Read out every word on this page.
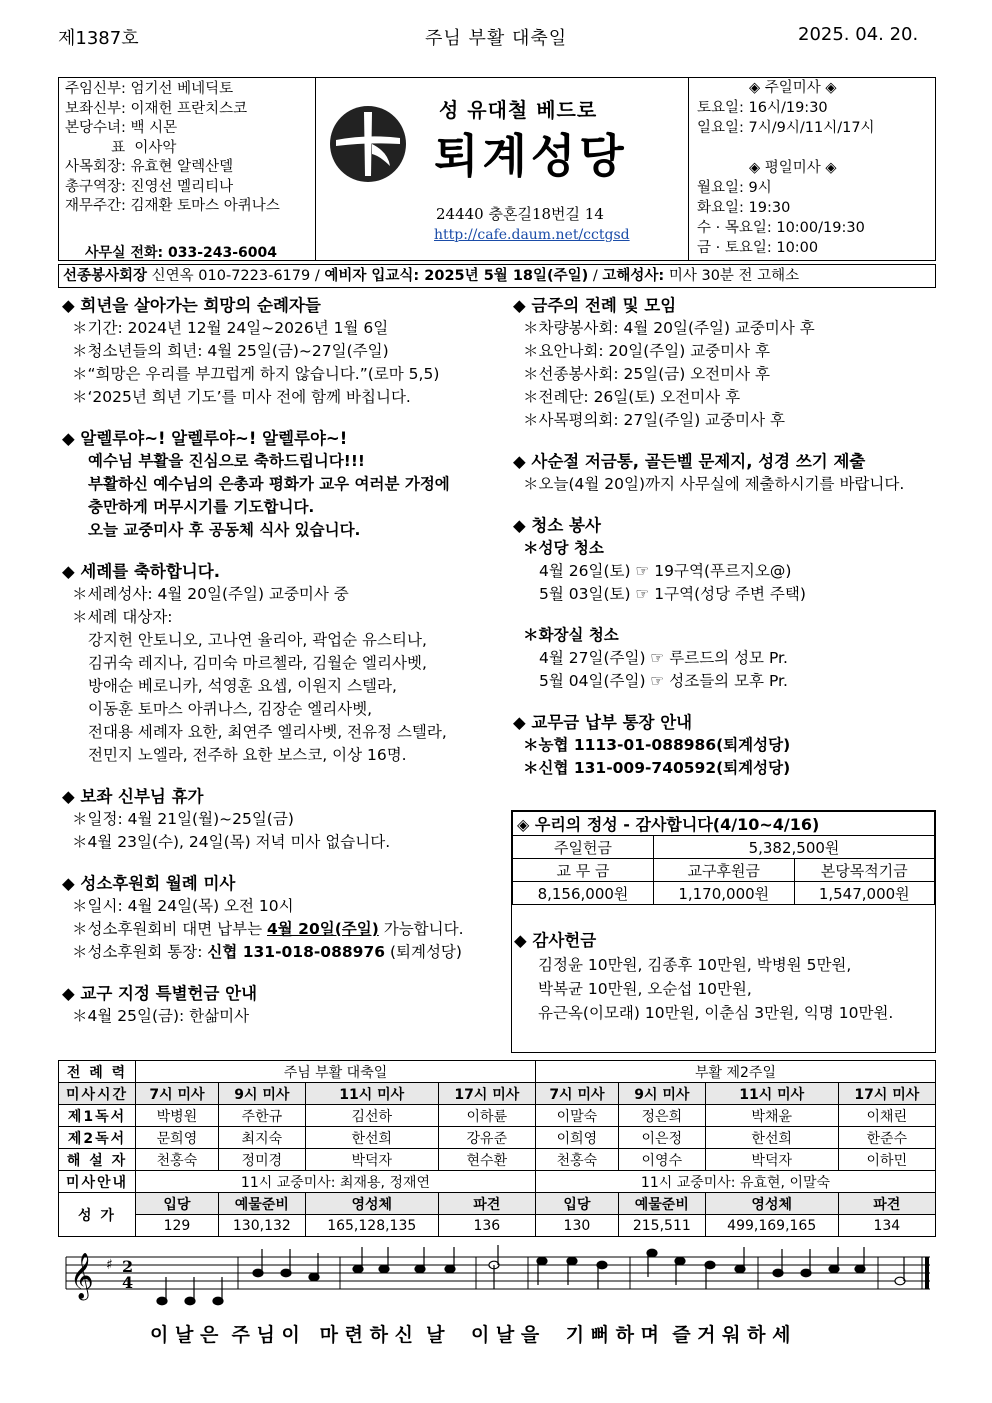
제1387호	주님 부활 대축일	2025. 04. 20.
주임신부: 엄기선 베네딕토
보좌신부: 이재헌 프란치스코
본당수녀: 백 시몬
표  이사악
사목회장: 유효현 알렉산델
총구역장: 진영선 멜리티나
재무주간: 김재환 토마스 아퀴나스
사무실 전화: 033-243-6004
성 유대철 베드로
퇴계성당
24440 충혼길18번길 14
http://cafe.daum.net/cctgsd
◈ 주일미사 ◈
토요일: 16시/19:30
일요일: 7시/9시/11시/17시
◈ 평일미사 ◈
월요일: 9시
화요일: 19:30
수 · 목요일: 10:00/19:30
금 · 토요일: 10:00
선종봉사회장 신연옥 010-7223-6179 / 예비자 입교식: 2025년 5월 18일(주일) / 고해성사: 미사 30분 전 고해소
◆ 희년을 살아가는 희망의 순례자들
＊기간: 2024년 12월 24일~2026년 1월 6일
＊청소년들의 희년: 4월 25일(금)~27일(주일)
＊“희망은 우리를 부끄럽게 하지 않습니다.”(로마 5,5)
＊‘2025년 희년 기도’를 미사 전에 함께 바칩니다.
◆ 알렐루야~! 알렐루야~! 알렐루야~!
예수님 부활을 진심으로 축하드립니다!!!
부활하신 예수님의 은총과 평화가 교우 여러분 가정에
충만하게 머무시기를 기도합니다.
오늘 교중미사 후 공동체 식사 있습니다.
◆ 세례를 축하합니다.
＊세례성사: 4월 20일(주일) 교중미사 중
＊세례 대상자:
강지헌 안토니오, 고나연 율리아, 곽업순 유스티나,
김귀숙 레지나, 김미숙 마르첼라, 김월순 엘리사벳,
방애순 베로니카, 석영훈 요셉, 이원지 스텔라,
이동훈 토마스 아퀴나스, 김장순 엘리사벳,
전대용 세례자 요한, 최연주 엘리사벳, 전유정 스텔라,
전민지 노엘라, 전주하 요한 보스코, 이상 16명.
◆ 보좌 신부님 휴가
＊일정: 4월 21일(월)~25일(금)
＊4월 23일(수), 24일(목) 저녁 미사 없습니다.
◆ 성소후원회 월례 미사
＊일시: 4월 24일(목) 오전 10시
＊성소후원회비 대면 납부는 4월 20일(주일) 가능합니다.
＊성소후원회 통장: 신협 131-018-088976 (퇴계성당)
◆ 교구 지정 특별헌금 안내
＊4월 25일(금): 한삶미사
◆ 금주의 전례 및 모임
＊차량봉사회: 4월 20일(주일) 교중미사 후
＊요안나회: 20일(주일) 교중미사 후
＊선종봉사회: 25일(금) 오전미사 후
＊전례단: 26일(토) 오전미사 후
＊사목평의회: 27일(주일) 교중미사 후
◆ 사순절 저금통, 골든벨 문제지, 성경 쓰기 제출
＊오늘(4월 20일)까지 사무실에 제출하시기를 바랍니다.
◆ 청소 봉사
＊성당 청소
4월 26일(토) ☞ 19구역(푸르지오@)
5월 03일(토) ☞ 1구역(성당 주변 주택)
＊화장실 청소
4월 27일(주일) ☞ 루르드의 성모 Pr.
5월 04일(주일) ☞ 성조들의 모후 Pr.
◆ 교무금 납부 통장 안내
＊농협 1113-01-088986(퇴계성당)
＊신협 131-009-740592(퇴계성당)
◈ 우리의 정성 - 감사합니다(4/10~4/16)		
주일헌금	5,382,500원	
교 무 금	교구후원금	본당목적기금
8,156,000원	1,170,000원	1,547,000원
◆ 감사헌금
김정윤 10만원, 김종후 10만원, 박병원 5만원,
박복균 10만원, 오순섭 10만원,
유근옥(이모래) 10만원, 이춘심 3만원, 익명 10만원.
전 례 력	주님 부활 대축일				부활 제2주일			
미사시간	7시 미사	9시 미사	11시 미사	17시 미사	7시 미사	9시 미사	11시 미사	17시 미사
제1독서	박병원	주한규	김선하	이하륜	이말숙	정은희	박채윤	이채린
제2독서	문희영	최지숙	한선희	강유준	이희영	이은정	한선희	한준수
해 설 자	천홍숙	정미경	박덕자	현수환	천홍숙	이영수	박덕자	이하민
미사안내	11시 교중미사: 최재용, 정재연				11시 교중미사: 유효현, 이말숙			
성 가	입당	예물준비	영성체	파견	입당	예물준비	영성체	파견
	129	130,132	165,128,135	136	130	215,511	499,169,165	134
𝄞 ♯ 2
4
이 날 은  주 님 이   마 련 하 신  날    이 날 을    기 뻐 하 며  즐 거 워 하 세
